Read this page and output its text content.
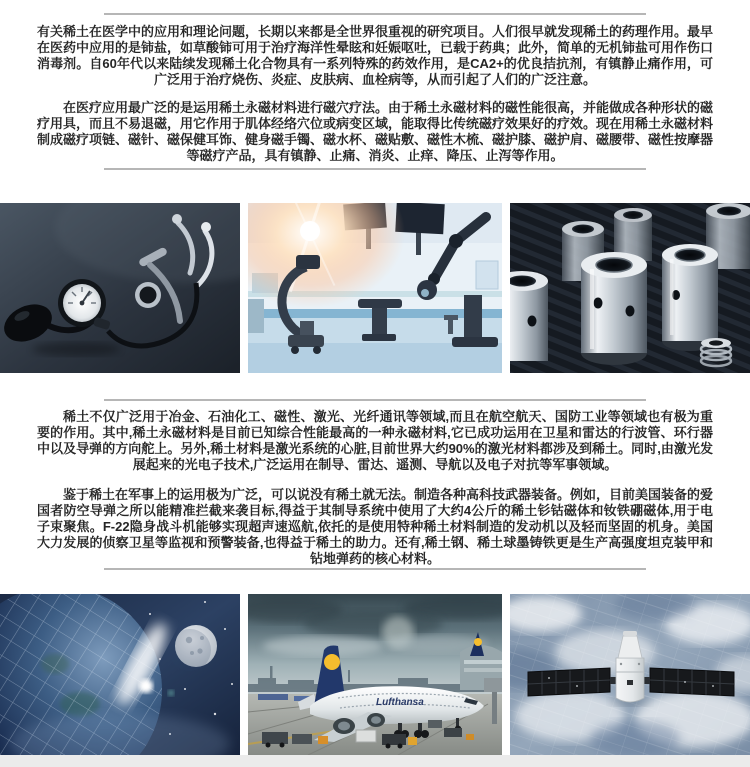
有关稀土在医学中的应用和理论问题，长期以来都是全世界很重视的研究项目。人们很早就发现稀土的药理作用。最早在医药中应用的是铈盐，如草酸铈可用于治疗海洋性晕眩和妊娠呕吐，已载于药典；此外，简单的无机铈盐可用作伤口消毒剂。自60年代以来陆续发现稀土化合物具有一系列特殊的药效作用，是CA2+的优良拮抗剂，有镇静止痛作用，可广泛用于治疗烧伤、炎症、皮肤病、血栓病等，从而引起了人们的广泛注意。

在医疗应用最广泛的是运用稀土永磁材料进行磁穴疗法。由于稀土永磁材料的磁性能很高，并能做成各种形状的磁疗用具，而且不易退磁，用它作用于肌体经络穴位或病变区域，能取得比传统磁疗效果好的疗效。现在用稀土永磁材料制成磁疗项链、磁针、磁保健耳饰、健身磁手镯、磁水杯、磁贴敷、磁性木梳、磁护膝、磁护肩、磁腰带、磁性按摩器等磁疗产品，具有镇静、止痛、消炎、止痒、降压、止泻等作用。

稀土不仅广泛用于冶金、石油化工、磁性、激光、光纤通讯等领域,而且在航空航天、国防工业等领域也有极为重要的作用。其中,稀土永磁材料是目前已知综合性能最高的一种永磁材料,它已成功运用在卫星和雷达的行波管、环行器中以及导弹的方向舵上。另外,稀土材料是激光系统的心脏,目前世界大约90%的激光材料都涉及到稀土。同时,由激光发展起来的光电子技术,广泛运用在制导、雷达、遥测、导航以及电子对抗等军事领域。

鉴于稀土在军事上的运用极为广泛，可以说没有稀土就无法。制造各种高科技武器装备。例如，目前美国装备的爱国者防空导弹之所以能精准拦截来袭目标,得益于其制导系统中使用了大约4公斤的稀土钐钴磁体和钕铁硼磁体,用于电子束聚焦。F-22隐身战斗机能够实现超声速巡航,依托的是使用特种稀土材料制造的发动机以及轻而坚固的机身。美国大力发展的侦察卫星等监视和预警装备,也得益于稀土的助力。还有,稀土钢、稀土球墨铸铁更是生产高强度坦克装甲和钻地弹药的核心材料。

Lufthansa
